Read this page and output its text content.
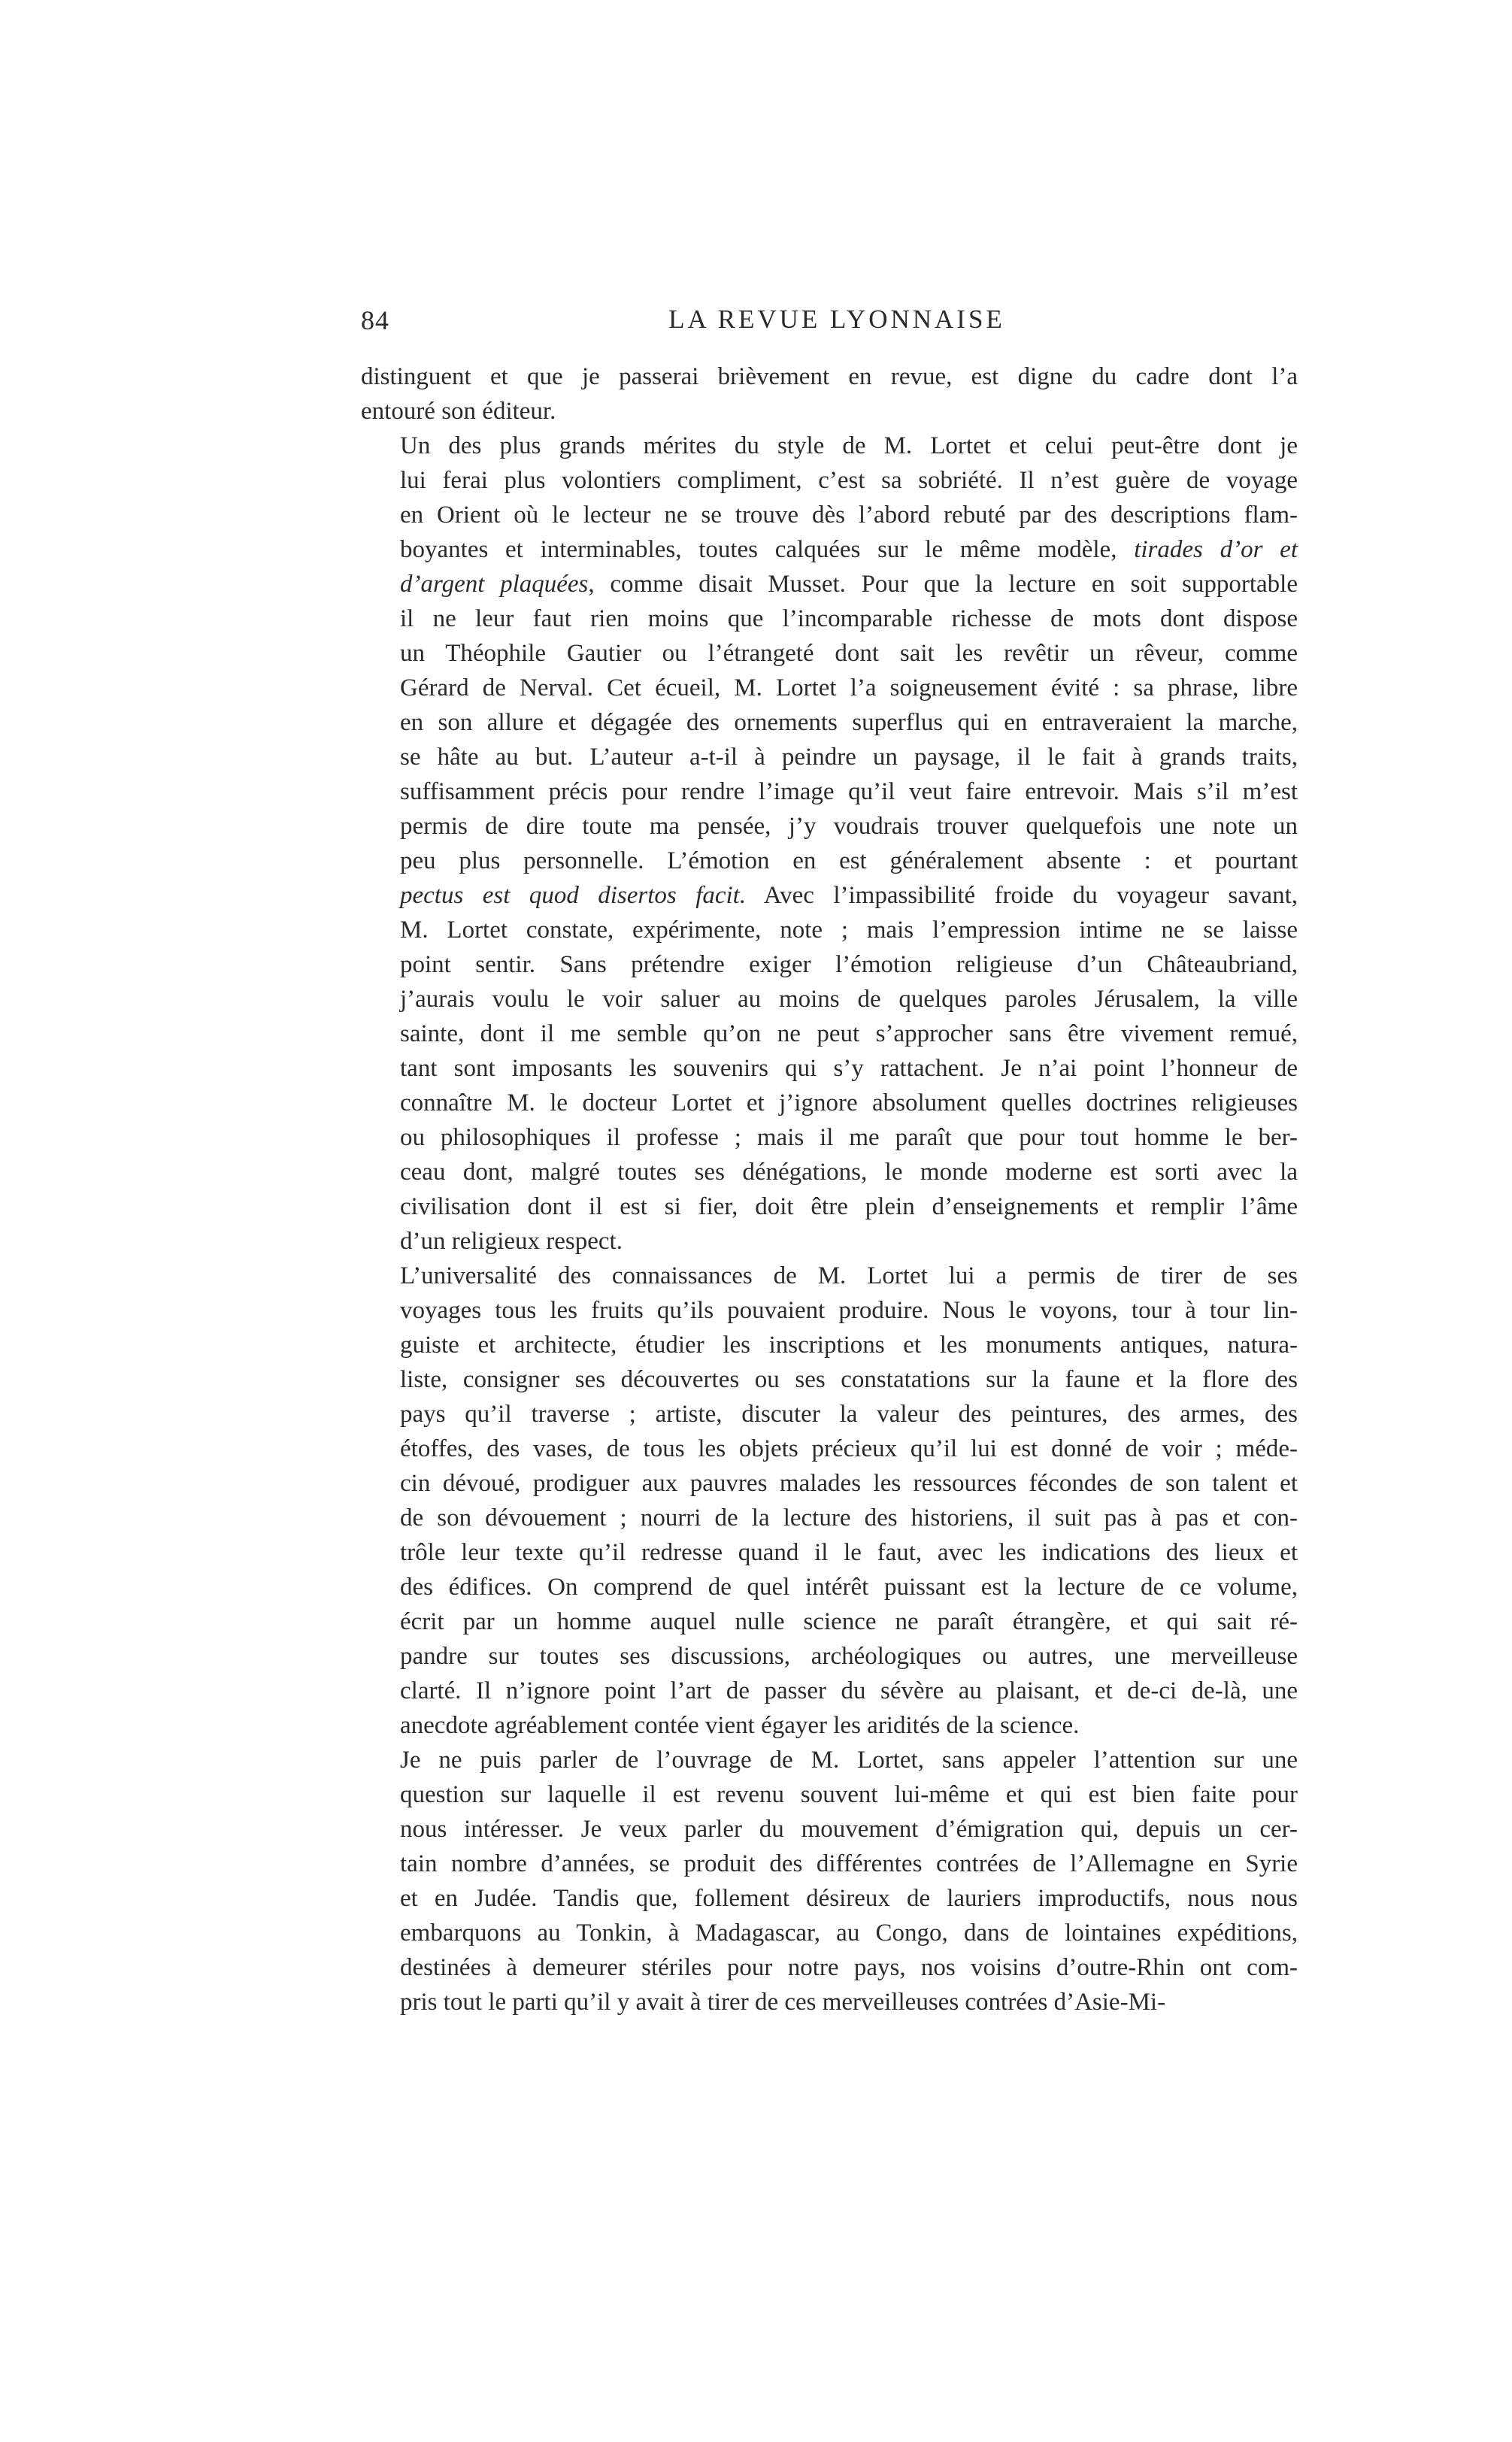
84	LA REVUE LYONNAISE

distinguent et que je passerai brièvement en revue, est digne du cadre dont l’a
entouré son éditeur.

Un des plus grands mérites du style de M. Lortet et celui peut-être dont je
lui ferai plus volontiers compliment, c’est sa sobriété. Il n’est guère de voyage
en Orient où le lecteur ne se trouve dès l’abord rebuté par des descriptions flam-
boyantes et interminables, toutes calquées sur le même modèle, tirades d’or et
d’argent plaquées, comme disait Musset. Pour que la lecture en soit supportable
il ne leur faut rien moins que l’incomparable richesse de mots dont dispose
un Théophile Gautier ou l’étrangeté dont sait les revêtir un rêveur, comme
Gérard de Nerval. Cet écueil, M. Lortet l’a soigneusement évité : sa phrase, libre
en son allure et dégagée des ornements superflus qui en entraveraient la marche,
se hâte au but. L’auteur a-t-il à peindre un paysage, il le fait à grands traits,
suffisamment précis pour rendre l’image qu’il veut faire entrevoir. Mais s’il m’est
permis de dire toute ma pensée, j’y voudrais trouver quelquefois une note un
peu plus personnelle. L’émotion en est généralement absente : et pourtant
pectus est quod disertos facit. Avec l’impassibilité froide du voyageur savant,
M. Lortet constate, expérimente, note ; mais l’empression intime ne se laisse
point sentir. Sans prétendre exiger l’émotion religieuse d’un Châteaubriand,
j’aurais voulu le voir saluer au moins de quelques paroles Jérusalem, la ville
sainte, dont il me semble qu’on ne peut s’approcher sans être vivement remué,
tant sont imposants les souvenirs qui s’y rattachent. Je n’ai point l’honneur de
connaître M. le docteur Lortet et j’ignore absolument quelles doctrines religieuses
ou philosophiques il professe ; mais il me paraît que pour tout homme le ber-
ceau dont, malgré toutes ses dénégations, le monde moderne est sorti avec la
civilisation dont il est si fier, doit être plein d’enseignements et remplir l’âme
d’un religieux respect.

L’universalité des connaissances de M. Lortet lui a permis de tirer de ses
voyages tous les fruits qu’ils pouvaient produire. Nous le voyons, tour à tour lin-
guiste et architecte, étudier les inscriptions et les monuments antiques, natura-
liste, consigner ses découvertes ou ses constatations sur la faune et la flore des
pays qu’il traverse ; artiste, discuter la valeur des peintures, des armes, des
étoffes, des vases, de tous les objets précieux qu’il lui est donné de voir ; méde-
cin dévoué, prodiguer aux pauvres malades les ressources fécondes de son talent et
de son dévouement ; nourri de la lecture des historiens, il suit pas à pas et con-
trôle leur texte qu’il redresse quand il le faut, avec les indications des lieux et
des édifices. On comprend de quel intérêt puissant est la lecture de ce volume,
écrit par un homme auquel nulle science ne paraît étrangère, et qui sait ré-
pandre sur toutes ses discussions, archéologiques ou autres, une merveilleuse
clarté. Il n’ignore point l’art de passer du sévère au plaisant, et de-ci de-là, une
anecdote agréablement contée vient égayer les aridités de la science.

Je ne puis parler de l’ouvrage de M. Lortet, sans appeler l’attention sur une
question sur laquelle il est revenu souvent lui-même et qui est bien faite pour
nous intéresser. Je veux parler du mouvement d’émigration qui, depuis un cer-
tain nombre d’années, se produit des différentes contrées de l’Allemagne en Syrie
et en Judée. Tandis que, follement désireux de lauriers improductifs, nous nous
embarquons au Tonkin, à Madagascar, au Congo, dans de lointaines expéditions,
destinées à demeurer stériles pour notre pays, nos voisins d’outre-Rhin ont com-
pris tout le parti qu’il y avait à tirer de ces merveilleuses contrées d’Asie-Mi-
